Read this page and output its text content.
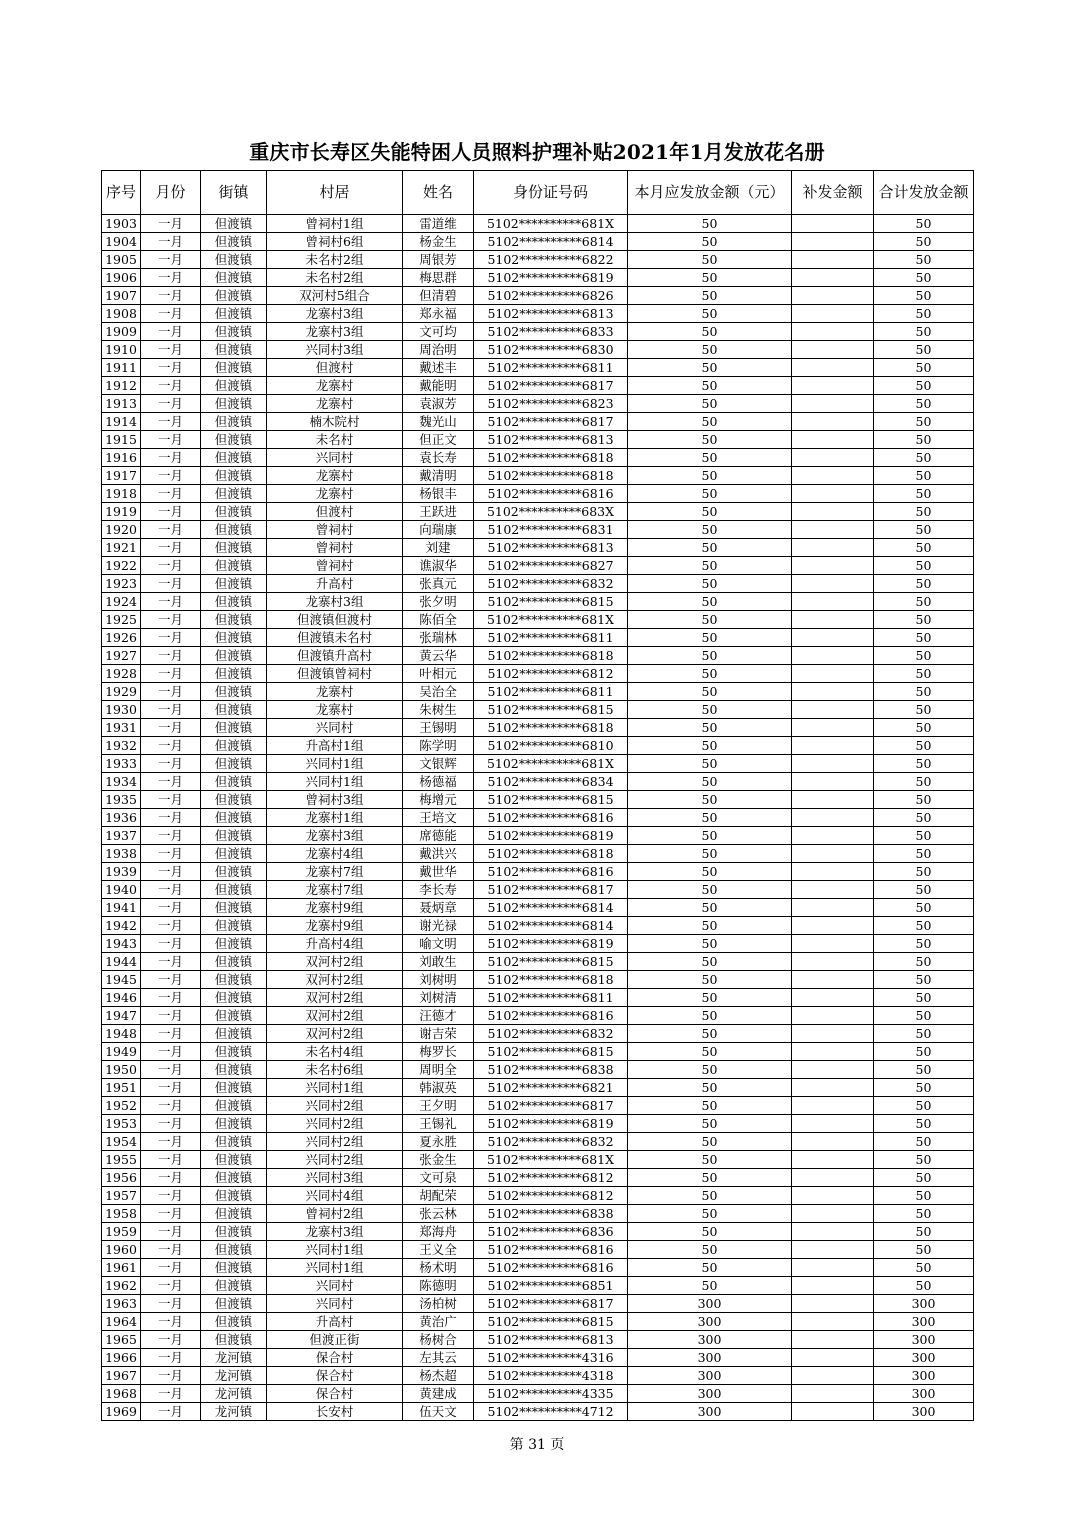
重庆市长寿区失能特困人员照料护理补贴2021年1月发放花名册
序号	月份	街镇	村居	姓名	身份证号码	本月应发放金额（元）	补发金额	合计发放金额
1903	一月	但渡镇	曾祠村1组	雷道维	5102**********681X	50		50
1904	一月	但渡镇	曾祠村6组	杨金生	5102**********6814	50		50
1905	一月	但渡镇	未名村2组	周银芳	5102**********6822	50		50
1906	一月	但渡镇	未名村2组	梅思群	5102**********6819	50		50
1907	一月	但渡镇	双河村5组合	但清碧	5102**********6826	50		50
1908	一月	但渡镇	龙寨村3组	郑永福	5102**********6813	50		50
1909	一月	但渡镇	龙寨村3组	文可均	5102**********6833	50		50
1910	一月	但渡镇	兴同村3组	周治明	5102**********6830	50		50
1911	一月	但渡镇	但渡村	戴述丰	5102**********6811	50		50
1912	一月	但渡镇	龙寨村	戴能明	5102**********6817	50		50
1913	一月	但渡镇	龙寨村	袁淑芳	5102**********6823	50		50
1914	一月	但渡镇	楠木院村	魏光山	5102**********6817	50		50
1915	一月	但渡镇	未名村	但正文	5102**********6813	50		50
1916	一月	但渡镇	兴同村	袁长寿	5102**********6818	50		50
1917	一月	但渡镇	龙寨村	戴清明	5102**********6818	50		50
1918	一月	但渡镇	龙寨村	杨银丰	5102**********6816	50		50
1919	一月	但渡镇	但渡村	王跃进	5102**********683X	50		50
1920	一月	但渡镇	曾祠村	向瑞康	5102**********6831	50		50
1921	一月	但渡镇	曾祠村	刘建	5102**********6813	50		50
1922	一月	但渡镇	曾祠村	谯淑华	5102**********6827	50		50
1923	一月	但渡镇	升高村	张真元	5102**********6832	50		50
1924	一月	但渡镇	龙寨村3组	张夕明	5102**********6815	50		50
1925	一月	但渡镇	但渡镇但渡村	陈佰全	5102**********681X	50		50
1926	一月	但渡镇	但渡镇未名村	张瑞林	5102**********6811	50		50
1927	一月	但渡镇	但渡镇升高村	黄云华	5102**********6818	50		50
1928	一月	但渡镇	但渡镇曾祠村	叶相元	5102**********6812	50		50
1929	一月	但渡镇	龙寨村	吴治全	5102**********6811	50		50
1930	一月	但渡镇	龙寨村	朱树生	5102**********6815	50		50
1931	一月	但渡镇	兴同村	王锡明	5102**********6818	50		50
1932	一月	但渡镇	升高村1组	陈学明	5102**********6810	50		50
1933	一月	但渡镇	兴同村1组	文银辉	5102**********681X	50		50
1934	一月	但渡镇	兴同村1组	杨德福	5102**********6834	50		50
1935	一月	但渡镇	曾祠村3组	梅增元	5102**********6815	50		50
1936	一月	但渡镇	龙寨村1组	王培文	5102**********6816	50		50
1937	一月	但渡镇	龙寨村3组	席德能	5102**********6819	50		50
1938	一月	但渡镇	龙寨村4组	戴洪兴	5102**********6818	50		50
1939	一月	但渡镇	龙寨村7组	戴世华	5102**********6816	50		50
1940	一月	但渡镇	龙寨村7组	李长寿	5102**********6817	50		50
1941	一月	但渡镇	龙寨村9组	聂炳章	5102**********6814	50		50
1942	一月	但渡镇	龙寨村9组	谢光禄	5102**********6814	50		50
1943	一月	但渡镇	升高村4组	喻文明	5102**********6819	50		50
1944	一月	但渡镇	双河村2组	刘敢生	5102**********6815	50		50
1945	一月	但渡镇	双河村2组	刘树明	5102**********6818	50		50
1946	一月	但渡镇	双河村2组	刘树清	5102**********6811	50		50
1947	一月	但渡镇	双河村2组	汪德才	5102**********6816	50		50
1948	一月	但渡镇	双河村2组	谢吉荣	5102**********6832	50		50
1949	一月	但渡镇	未名村4组	梅罗长	5102**********6815	50		50
1950	一月	但渡镇	未名村6组	周明全	5102**********6838	50		50
1951	一月	但渡镇	兴同村1组	韩淑英	5102**********6821	50		50
1952	一月	但渡镇	兴同村2组	王夕明	5102**********6817	50		50
1953	一月	但渡镇	兴同村2组	王锡礼	5102**********6819	50		50
1954	一月	但渡镇	兴同村2组	夏永胜	5102**********6832	50		50
1955	一月	但渡镇	兴同村2组	张金生	5102**********681X	50		50
1956	一月	但渡镇	兴同村3组	文可泉	5102**********6812	50		50
1957	一月	但渡镇	兴同村4组	胡配荣	5102**********6812	50		50
1958	一月	但渡镇	曾祠村2组	张云林	5102**********6838	50		50
1959	一月	但渡镇	龙寨村3组	郑海舟	5102**********6836	50		50
1960	一月	但渡镇	兴同村1组	王义全	5102**********6816	50		50
1961	一月	但渡镇	兴同村1组	杨术明	5102**********6816	50		50
1962	一月	但渡镇	兴同村	陈德明	5102**********6851	50		50
1963	一月	但渡镇	兴同村	汤柏树	5102**********6817	300		300
1964	一月	但渡镇	升高村	黄治广	5102**********6815	300		300
1965	一月	但渡镇	但渡正街	杨树合	5102**********6813	300		300
1966	一月	龙河镇	保合村	左其云	5102**********4316	300		300
1967	一月	龙河镇	保合村	杨杰超	5102**********4318	300		300
1968	一月	龙河镇	保合村	黄建成	5102**********4335	300		300
1969	一月	龙河镇	长安村	伍天文	5102**********4712	300		300
第 31 页
